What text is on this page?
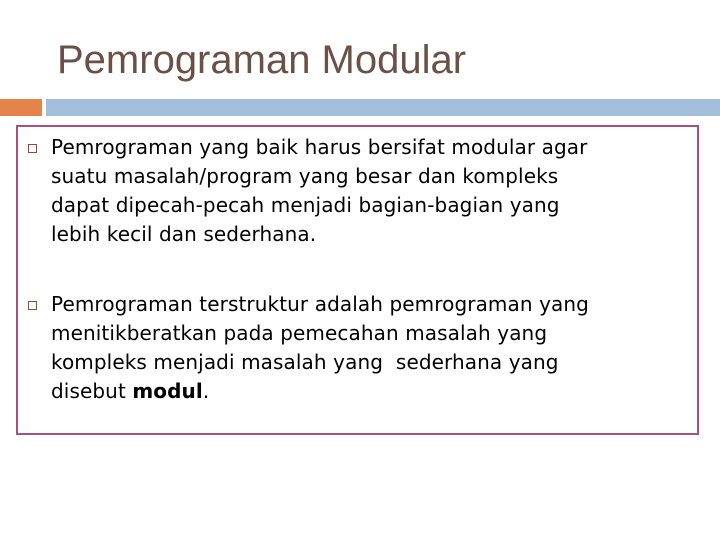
Pemrograman Modular
Pemrograman yang baik harus bersifat modular agar
suatu masalah/program yang besar dan kompleks
dapat dipecah-pecah menjadi bagian-bagian yang
lebih kecil dan sederhana.
Pemrograman terstruktur adalah pemrograman yang
menitikberatkan pada pemecahan masalah yang
kompleks menjadi masalah yang  sederhana yang
disebut modul.
